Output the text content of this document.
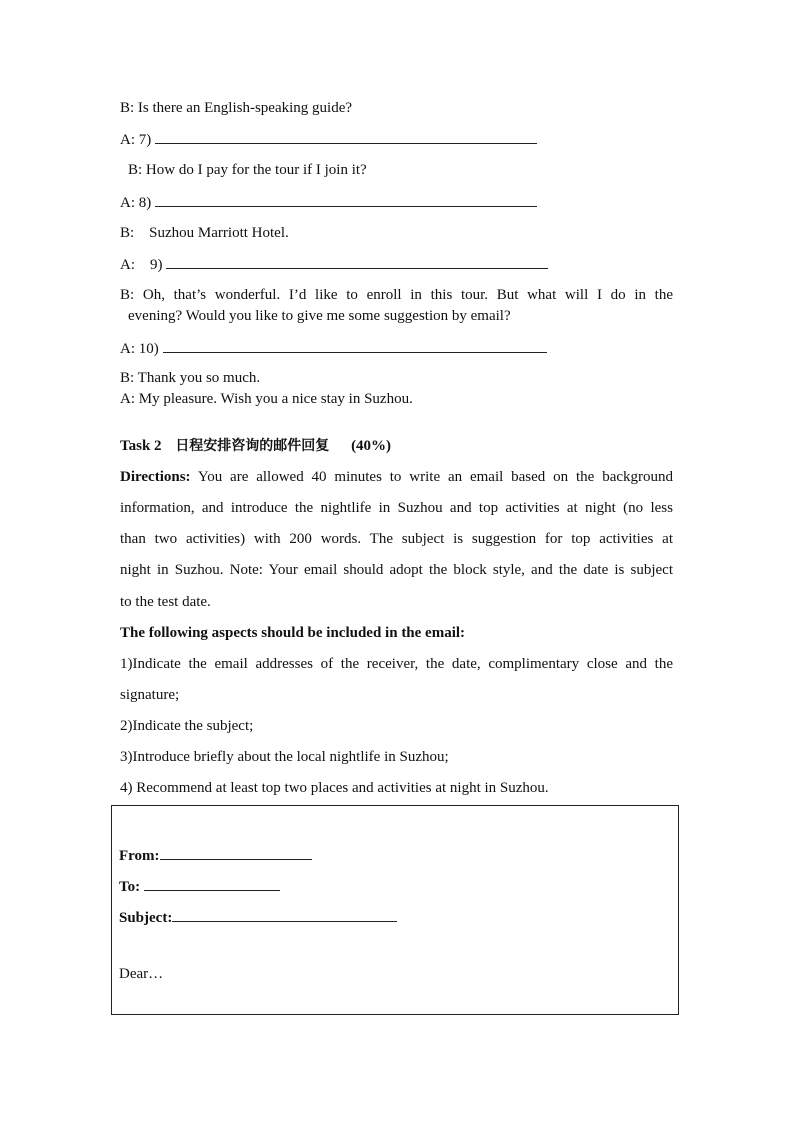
B: Is there an English-speaking guide?
A: 7)
B: How do I pay for the tour if I join it?
A: 8)
B:    Suzhou Marriott Hotel.
A:    9)
B: Oh, that’s wonderful. I’d like to enroll in this tour. But what will I do in the
evening? Would you like to give me some suggestion by email?
A: 10)
B: Thank you so much.
A: My pleasure. Wish you a nice stay in Suzhou.
Task 2 日程安排咨询的邮件回复 (40%)
Directions: You are allowed 40 minutes to write an email based on the background
information, and introduce the nightlife in Suzhou and top activities at night (no less
than two activities) with 200 words. The subject is suggestion for top activities at
night in Suzhou. Note: Your email should adopt the block style, and the date is subject
to the test date.
The following aspects should be included in the email:
1)Indicate the email addresses of the receiver, the date, complimentary close and the
signature;
2)Indicate the subject;
3)Introduce briefly about the local nightlife in Suzhou;
4) Recommend at least top two places and activities at night in Suzhou.
From:
To:
Subject:
Dear…
